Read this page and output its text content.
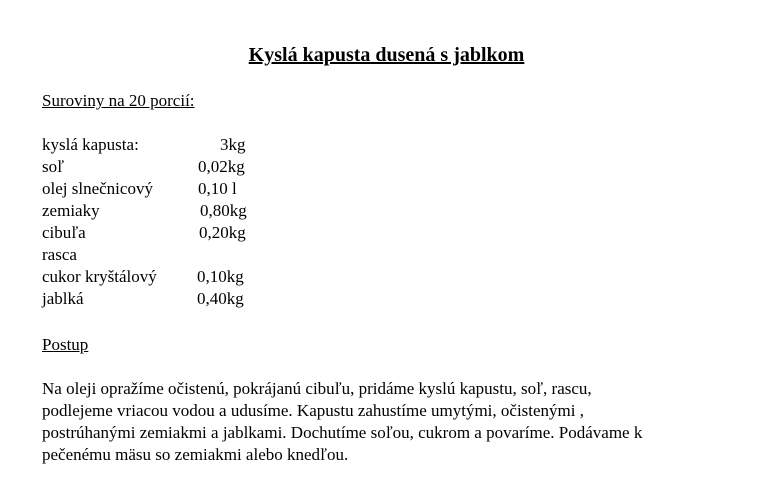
Kyslá kapusta dusená s jablkom
Suroviny na 20 porcií:
kyslá kapusta:	3kg
soľ	0,02kg
olej slnečnicový	0,10 l
zemiaky	0,80kg
cibuľa	0,20kg
rasca
cukor kryštálový 0,10kg
jablká	0,40kg
Postup
Na oleji opražíme očistenú, pokrájanú cibuľu, pridáme kyslú kapustu, soľ, rascu,
podlejeme vriacou vodou a udusíme. Kapustu zahustíme umytými, očistenými ,
postrúhanými zemiakmi a jablkami. Dochutíme soľou, cukrom a povaríme. Podávame k
pečenému mäsu so zemiakmi alebo knedľou.
